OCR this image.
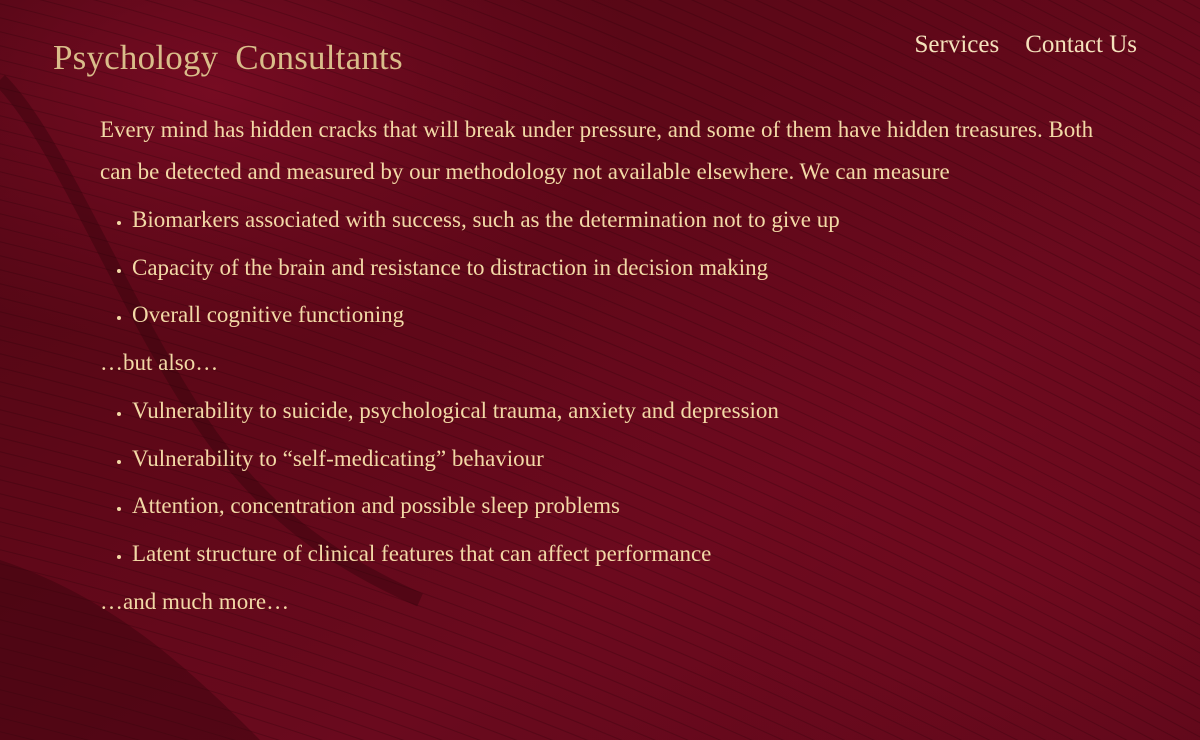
Psychology Consultants	Services Contact Us

Every mind has hidden cracks that will break under pressure, and some of them have hidden treasures. Both can be detected and measured by our methodology not available elsewhere. We can measure

• Biomarkers associated with success, such as the determination not to give up
• Capacity of the brain and resistance to distraction in decision making
• Overall cognitive functioning

…but also…

• Vulnerability to suicide, psychological trauma, anxiety and depression
• Vulnerability to “self-medicating” behaviour
• Attention, concentration and possible sleep problems
• Latent structure of clinical features that can affect performance

…and much more…
